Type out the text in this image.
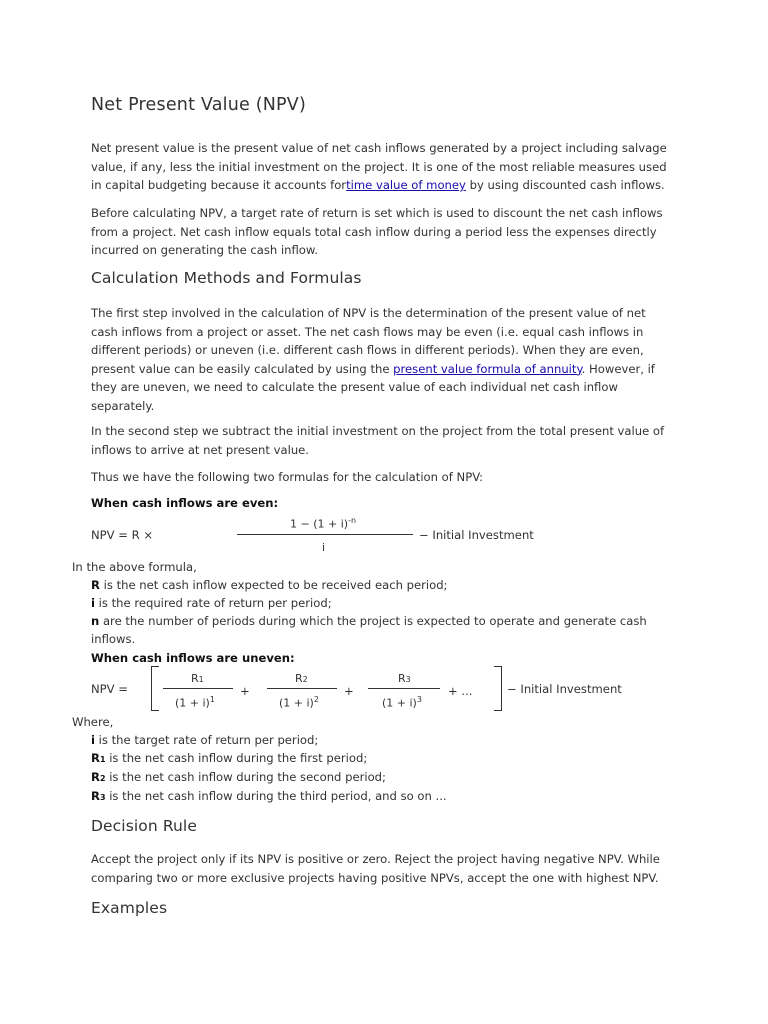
Net Present Value (NPV)
Net present value is the present value of net cash inflows generated by a project including salvage
value, if any, less the initial investment on the project. It is one of the most reliable measures used
in capital budgeting because it accounts fortime value of money by using discounted cash inflows.
Before calculating NPV, a target rate of return is set which is used to discount the net cash inflows
from a project. Net cash inflow equals total cash inflow during a period less the expenses directly
incurred on generating the cash inflow.
Calculation Methods and Formulas
The first step involved in the calculation of NPV is the determination of the present value of net
cash inflows from a project or asset. The net cash flows may be even (i.e. equal cash inflows in
different periods) or uneven (i.e. different cash flows in different periods). When they are even,
present value can be easily calculated by using the present value formula of annuity. However, if
they are uneven, we need to calculate the present value of each individual net cash inflow
separately.
In the second step we subtract the initial investment on the project from the total present value of
inflows to arrive at net present value.
Thus we have the following two formulas for the calculation of NPV:
When cash inflows are even:
NPV = R ×
$1 - (1 + i)^{-n}$
i
− Initial Investment
In the above formula,
R is the net cash inflow expected to be received each period;
i is the required rate of return per period;
n are the number of periods during which the project is expected to operate and generate cash
inflows.
When cash inflows are uneven:
NPV =
R1
$(1 + i)^1$
+
R2
$(1 + i)^2$
+
R3
$(1 + i)^3$
+ ...	− Initial Investment
Where,
i is the target rate of return per period;
R1 is the net cash inflow during the first period;
R2 is the net cash inflow during the second period;
R3 is the net cash inflow during the third period, and so on ...
Decision Rule
Accept the project only if its NPV is positive or zero. Reject the project having negative NPV. While
comparing two or more exclusive projects having positive NPVs, accept the one with highest NPV.
Examples
